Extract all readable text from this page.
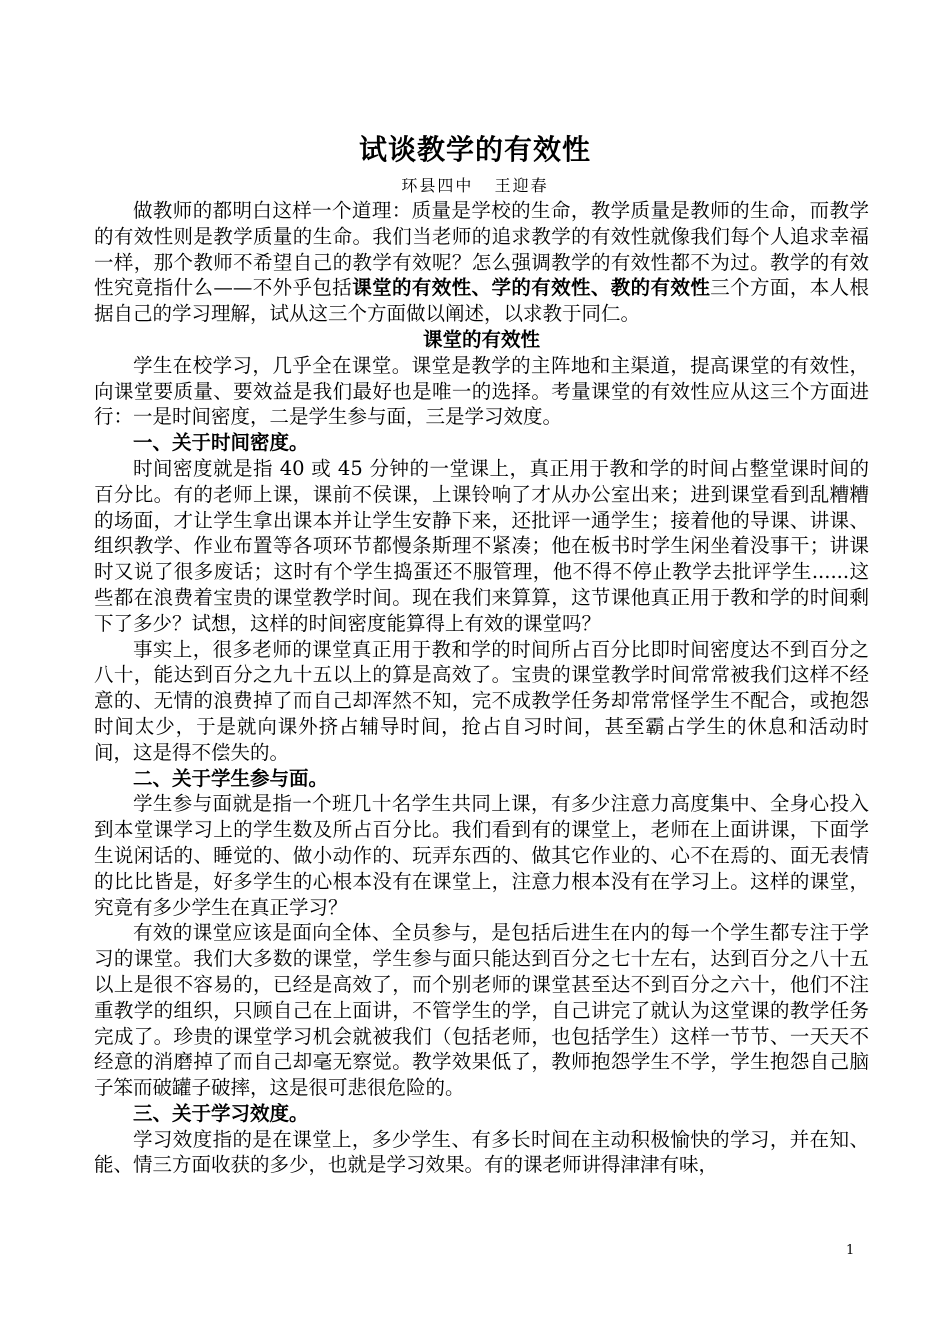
试谈教学的有效性
环县四中   王迎春

做教师的都明白这样一个道理：质量是学校的生命，教学质量是教师的生命，而教学的有效性则是教学质量的生命。我们当老师的追求教学的有效性就像我们每个人追求幸福一样，那个教师不希望自己的教学有效呢？怎么强调教学的有效性都不为过。教学的有效性究竟指什么——不外乎包括课堂的有效性、学的有效性、教的有效性三个方面，本人根据自己的学习理解，试从这三个方面做以阐述，以求教于同仁。

课堂的有效性

学生在校学习，几乎全在课堂。课堂是教学的主阵地和主渠道，提高课堂的有效性，向课堂要质量、要效益是我们最好也是唯一的选择。考量课堂的有效性应从这三个方面进行：一是时间密度，二是学生参与面，三是学习效度。

一、关于时间密度。

时间密度就是指 40 或 45 分钟的一堂课上，真正用于教和学的时间占整堂课时间的百分比。有的老师上课，课前不侯课，上课铃响了才从办公室出来；进到课堂看到乱糟糟的场面，才让学生拿出课本并让学生安静下来，还批评一通学生；接着他的导课、讲课、组织教学、作业布置等各项环节都慢条斯理不紧凑；他在板书时学生闲坐着没事干；讲课时又说了很多废话；这时有个学生捣蛋还不服管理，他不得不停止教学去批评学生......这些都在浪费着宝贵的课堂教学时间。现在我们来算算，这节课他真正用于教和学的时间剩下了多少？试想，这样的时间密度能算得上有效的课堂吗？

事实上，很多老师的课堂真正用于教和学的时间所占百分比即时间密度达不到百分之八十，能达到百分之九十五以上的算是高效了。宝贵的课堂教学时间常常被我们这样不经意的、无情的浪费掉了而自己却浑然不知，完不成教学任务却常常怪学生不配合，或抱怨时间太少，于是就向课外挤占辅导时间，抢占自习时间，甚至霸占学生的休息和活动时间，这是得不偿失的。

二、关于学生参与面。

学生参与面就是指一个班几十名学生共同上课，有多少注意力高度集中、全身心投入到本堂课学习上的学生数及所占百分比。我们看到有的课堂上，老师在上面讲课，下面学生说闲话的、睡觉的、做小动作的、玩弄东西的、做其它作业的、心不在焉的、面无表情的比比皆是，好多学生的心根本没有在课堂上，注意力根本没有在学习上。这样的课堂，究竟有多少学生在真正学习？

有效的课堂应该是面向全体、全员参与，是包括后进生在内的每一个学生都专注于学习的课堂。我们大多数的课堂，学生参与面只能达到百分之七十左右，达到百分之八十五以上是很不容易的，已经是高效了，而个别老师的课堂甚至达不到百分之六十，他们不注重教学的组织，只顾自己在上面讲，不管学生的学，自己讲完了就认为这堂课的教学任务完成了。珍贵的课堂学习机会就被我们（包括老师，也包括学生）这样一节节、一天天不经意的消磨掉了而自己却毫无察觉。教学效果低了，教师抱怨学生不学，学生抱怨自己脑子笨而破罐子破摔，这是很可悲很危险的。

三、关于学习效度。

学习效度指的是在课堂上，多少学生、有多长时间在主动积极愉快的学习，并在知、能、情三方面收获的多少，也就是学习效果。有的课老师讲得津津有味，

1
